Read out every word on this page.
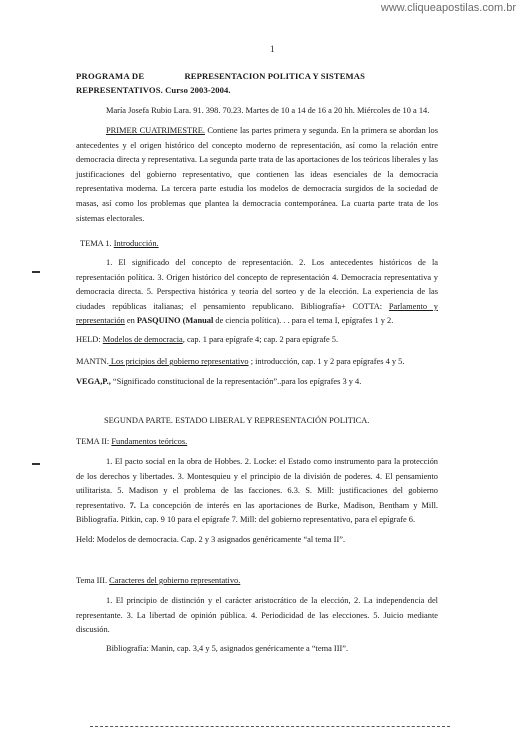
www.cliqueapostilas.com.br
1
PROGRAMA DE	REPRESENTACION POLITICA Y SISTEMAS
REPRESENTATIVOS. Curso 2003-2004.
María Josefa Rubio Lara. 91. 398. 70.23. Martes de 10 a 14 de 16 a 20 hh. Miércoles de 10 a 14.
PRIMER CUATRIMESTRE. Contiene las partes primera y segunda. En la primera se abordan los antecedentes y el origen histórico del concepto moderno de representación, así como la relación entre democracia directa y representativa. La segunda parte trata de las aportaciones de los teóricos liberales y las justificaciones del gobierno representativo, que contienen las ideas esenciales de la democracia representativa moderna. La tercera parte estudia los modelos de democracia surgidos de la sociedad de masas, así como los problemas que plantea la democracia contemporánea. La cuarta parte trata de los sistemas electorales.
TEMA 1. Introducción.
1. El significado del concepto de representación. 2. Los antecedentes históricos de la representación política. 3. Origen histórico del concepto de representación 4. Democracia representativa y democracia directa. 5. Perspectiva histórica y teoría del sorteo y de la elección. La experiencia de las ciudades repúblicas italianas; el pensamiento republicano. Bibliografía+ COTTA: Parlamento y representación en PASQUINO (Manual de ciencia política). . . para el tema I, epígrafes 1 y 2.
HELD: Modelos de democracia, cap. 1 para epígrafe 4; cap. 2 para epígrafe 5.
MANTN. Los pricipios del gobierno representativo ; introducción, cap. 1 y 2 para epígrafes 4 y 5.
VEGA,P., “Significado constitucional de la representación”..para los epígrafes 3 y 4.
SEGUNDA PARTE. ESTADO LIBERAL Y REPRESENTACIÓN POLITICA.
TEMA II: Fundamentos teóricos.
1. El pacto social en la obra de Hobbes. 2. Locke: el Estado como instrumento para la protección de los derechos y libertades. 3. Montesquieu y el principio de la división de poderes. 4. El pensamiento utilitarista. 5. Madison y el problema de las facciones. 6.3. S. Mill: justificaciones del gobierno representativo. 7. La concepción de interés en las aportaciones de Burke, Madison, Bentham y Mill. Bibliografía. Pitkin, cap. 9 10 para el epígrafe 7. Mill: del gobierno representativo, para el epígrafe 6.
Held: Modelos de democracia. Cap. 2 y 3 asignados genéricamente “al tema II”.
Tema III. Caracteres del gobierno representativo.
1. El principio de distinción y el carácter aristocrático de la elección, 2. La independencia del representante. 3. La libertad de opinión pública. 4. Periodicidad de las elecciones. 5. Juicio mediante discusión.
Bibliografía: Manin, cap. 3,4 y 5, asignados genéricamente a “tema III”.
